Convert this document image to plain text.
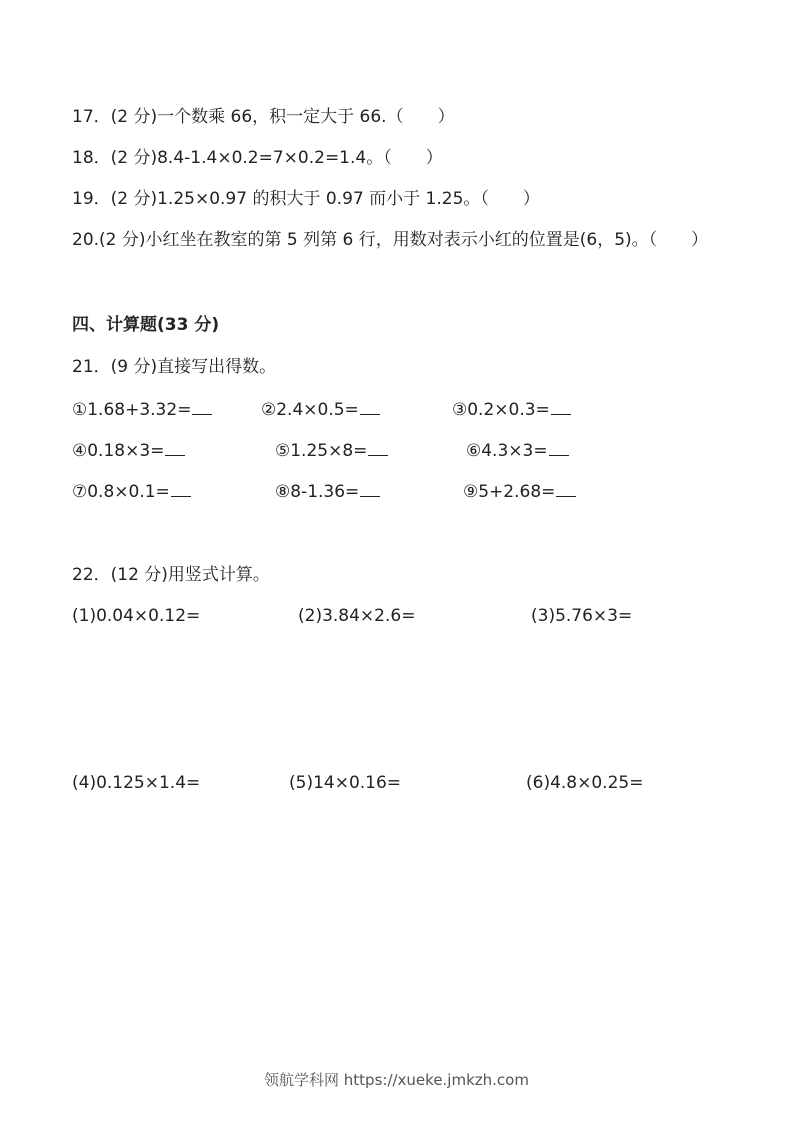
17．(2 分)一个数乘 66，积一定大于 66.（　　）
18．(2 分)8.4-1.4×0.2=7×0.2=1.4。（　　）
19．(2 分)1.25×0.97 的积大于 0.97 而小于 1.25。（　　）
20.(2 分)小红坐在教室的第 5 列第 6 行，用数对表示小红的位置是(6，5)。（　　）
四、计算题(33 分)
21．(9 分)直接写出得数。
①1.68+3.32=	②2.4×0.5=	③0.2×0.3=
④0.18×3=	⑤1.25×8=	⑥4.3×3=
⑦0.8×0.1=	⑧8-1.36=	⑨5+2.68=
22．(12 分)用竖式计算。
(1)0.04×0.12=	(2)3.84×2.6=	(3)5.76×3=
(4)0.125×1.4=	(5)14×0.16=	(6)4.8×0.25=
领航学科网 https://xueke.jmkzh.com
